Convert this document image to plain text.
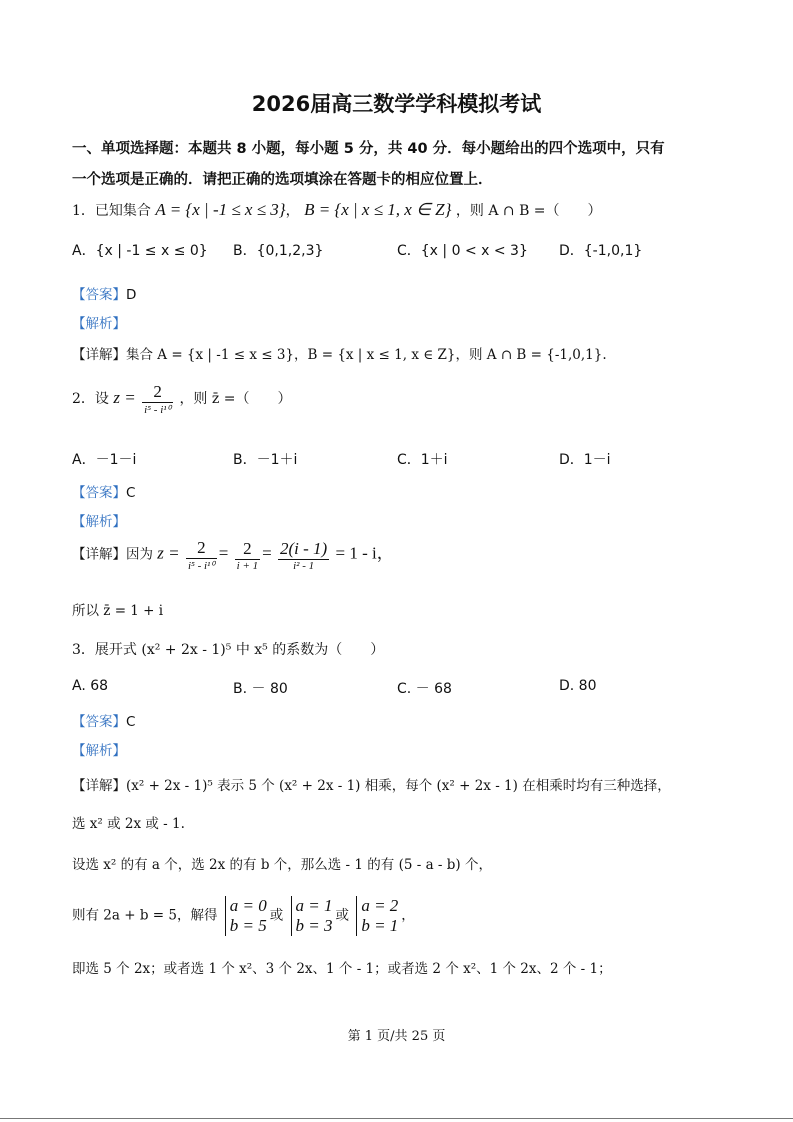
2026届高三数学学科模拟考试
一、单项选择题：本题共 8 小题，每小题 5 分，共 40 分．每小题给出的四个选项中，只有
一个选项是正确的．请把正确的选项填涂在答题卡的相应位置上．
1．已知集合 A = {x | -1 ≤ x ≤ 3}， B = {x | x ≤ 1, x ∈ Z} ，则 A ∩ B =（　　）
A．{x | -1 ≤ x ≤ 0} B．{0,1,2,3}	C．{x | 0 < x < 3} D．{-1,0,1}
【答案】D
【解析】
【详解】集合 A = {x | -1 ≤ x ≤ 3}，B = {x | x ≤ 1, x ∈ Z}，则 A ∩ B = {-1,0,1}.
2．设 $z = \frac{2}{\text{i⁵ - i¹⁰}}$ ，则 z̄ =（　　）
A．－1－i	B．－1＋i	C．1＋i	D．1－i
【答案】C
【解析】
【详解】因为 $z = \frac{2}{\text{i⁵ - i¹⁰}} = \frac{2}{i + 1} = \frac{2(i - 1)}{\text{i² - 1}} = 1 - i$，
所以 z̄ = 1 + i
3．展开式 (x² + 2x - 1)⁵ 中 x⁵ 的系数为（　　）
A. 68	B. － 80	C. － 68	D. 80
【答案】C
【解析】
【详解】(x² + 2x - 1)⁵ 表示 5 个 (x² + 2x - 1) 相乘，每个 (x² + 2x - 1) 在相乘时均有三种选择，
选 x² 或 2x 或 - 1.
设选 x² 的有 a 个，选 2x 的有 b 个，那么选 - 1 的有 (5 - a - b) 个，
则有 2a + b = 5，解得
a = 0
b = 5
或
a = 1
b = 3
或
a = 2
b = 1
，
即选 5 个 2x；或者选 1 个 x²、3 个 2x、1 个 - 1；或者选 2 个 x²、1 个 2x、2 个 - 1；
第 1 页/共 25 页
